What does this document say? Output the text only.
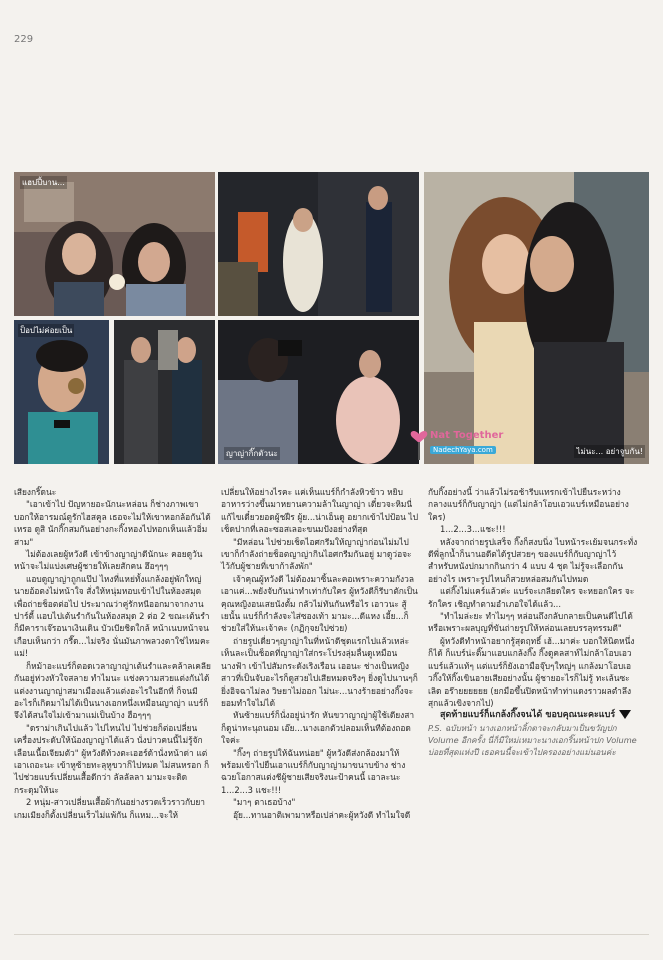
229
แฮปปี้บาน...
ไม่นะ... อย่าจูบกัน!
ป็อปไม่ค่อยเป็น
ญาญ่ากิ๊กตัวนะ
Nat Together
NadechYaya.com

เสียงกริ๊ดนะ

"เอาเข้าไป ปัญหายอะนักนะหล่อน ก็ช่างภาพเขาบอกให้อารมณ์ตูรักไฮสคูล เธอจะไม่ให้เขาหอกล้อกันได้เหรอ ดูสิ นักกิ๊กสมกันอย่างกะกิ๊งหองไปหอกเห็นแล้วอิ่มสาม"

ไม่ต้องเลยผู้หวังดี เข้าข้างญาญ่าดีนักนะ คอยดูวันหน้าจะไม่แบ่งเศษผู้ชายให้เลยสักคน ฮึอๆๆๆ

แอบดูญาญ่าถูกแป๊ป ไหงที่แหย่ทั้งแกล้งอยู่พักใหญ่นายอ้อตงไม่หน้าใจ สั่งให้หนุ่มหอบเข้าไปในห้องสมุดเพื่อถ่ายช็อตต่อไป ประมาณว่าคู่รักหนีออกมาจากงานปาร์ตี้ แอบไปเต้นรำกันในห้องสมุด 2 ต่อ 2 ขณะเต้นรำก็มีคาราเจ๊รอนาเงินเดิน บัวเบียชิดใกล้ หน้าเนบหน้าจนเกือบเห็นกว่า กรี๊ด...ไม่จริง นั่นมันภาพลวงตาใช่ไหมคะแม่!

ก็หม้าอะแบร์ก็ตอดเวลาญาญ่าเต้นรำและคล้าลเคลียกันอยู่ห่วงหัวใจสลาย ทำไมนะ แช่งความสวยแต่งกันได้แต่งงานญาญ่าสมาเมืองแล้วแต่งอะไรในอีกที่ ก็จนมีอะไรก็เกิดมาไม่ได้เป็นนางเอกหนึ่งเหมือนญาญ่า แบร์ก็จึงได้สนใจไม่เข้ามาแม่เป็นบ้าง ฮือๆๆๆ

"ดราม่าเกินไปแล้ว ไปไหนไป ไปช่วยก็ต่อเปลี่ยนเครื่องประดับให้น้องญาญ่าได้แล้ว นั่งบ่าวคนนี้ไม่รู้จักเลือนเนื้อเจียมตัว" ผู้หวังดีท้วงตะเอฮร์ด้านั่งหน้าด่า แต่เอาเถอะนะ เข้าหูซ้ายทะลุหูขวาก็ไปหมด ไม่สนหรอก ก็ไปช่วยแบร์เปลี่ยนเสื้อดีกว่า ลัลลัลลา มามะจะติดกระดุมให้นะ

2 หนุ่ม-สาวเปลี่ยนเสื้อผ้ากันอย่างรวดเร็วราวกับยาเกมเมียงก็ตั้งเปลี่ยนเร็วไม่แพ้กัน ก็แหม...จะให้

เปลี่ยนให้อย่างไรคะ แค่เห็นแบร์ก็กำลังหิวข้าว หยิบอาหารว่างขึ้นมาหยานความล้าในญาญ่า เดี๋ยวจะหิมนี่แก้ไขเดี๋ยวยอดผู้ชฝืร ผู้ย...น่าเอ็นดู อยากเข้าไปป้อน ไปเช็ดปากที่เลอะซอสเลอะขนมปังอย่างที่สุด

"มีหล่อน ไปช่วยเช็ดไอศกรีมให้ญาญ่าก่อนไม่มไปเขาก็กำลังถ่ายช็อตญาญ่ากินไอศกรีมกันอยู่ มาดูว่อจะไว้กับผู้ชายที่เขาก้าลังพัก"

เจ้าคุณผู้หวังดี ไม่ต้องมาซิ้นละคอเพราะความกังวลเอาแค่...พยังจับกันน่าทำเท่ากับใคร ผู้หวังดีก็รีบาตักเป็นคุณหญิงอนเสยนังตั้ม กลัวไม่ทันกันหรือไร เอาวนะ สู้เยนั้น แบร์ก็กำลังจะไส่ซองเท้า มามะ...ดีแหง เอี้ย...ก็ช่วยใส่ให้นะเจ้าคะ (กฏิกุจยใปซ่วย)

ถ่ายรูปเดี่ยวๆญาญ่าในที่หน้าดีชุดแรกไปแล้วเหล่ะ เห็นละเป็นช็อตที่ญาญ่าใส่กระโปรงลุ่มลื่นดูเหมือนนางฟ้า เข้าไปสัมกระดังเริงเรือน เออนะ ช่างเป็นหญิงสาวที่เป็นจับอะไรก็ดูสวยไปเสียหมดจริงๆ ยิ่งดูไปนานๆก็ยิ่งอิจฉาไม่ลง วิษยาไม่ออก ไม่นะ...นางร้ายอย่างกิ๊งจะยอมทำใจไม่ได้

หันซ้ายแบร์ก็นั่งอยู่น่ารัก หันขวาญาญ่าผู้ใช้เดียงสาก็ดูน่าทะนุถนอม เอ๊ย...นางเอกตัวปลอมเห็นทีต้องถอดใจค่ะ

"กิ๊งๆ ถ่ายรูปให้ฉันหน่อย" ผู้หวังดีส่งกล้องมาให้พร้อมเข้าไปยืนเอาแบร์ก็กับญาญ่ามาขนาบข้าง ช่างฉวยโอกาสแต่งชีผู้ชายเสียจริงนะป้าคนนี้ เอาละนะ 1...2...3 แชะ!!!

"มาๆ ตาเธอบ้าง"

อุ๊ย...ทานอาติเพามาหรือเปล่าคะผู้หวังดี ทำไมใจดี

กับกิ๊งอย่างนี้ ว่าแล้วไม่รอช้ารีบแทรกเข้าไปยืนระหว่างกลางแบร์ก็กับญาญ่า (แต่ไม่กล้าโอบเอวแบร์เหมือนอย่างใคร)

1...2...3...แชะ!!!

หลังจากถ่ายรูปเสร็จ กิ๊งก็สงบนิ่ง ไบหน้าระเย้มจนกระทั่งดีพี่ลูกน้ำก็นานอดีตได้รูปสวยๆ ของแบร์ก็กับญาญ่าไว้สำหรับหนังปกมากกินกว่า 4 แบบ 4 ชุด ไม่รู้จะเลือกกันอย่างไร เพราะรูปไหนก็สวยหล่อสมกันไปหมด

แต่กิ๊งไม่แคร์แล้วค่ะ แบร์จะเกลียดใคร จะหยอกใคร จะรักใคร เชิญทำตามอำเภอใจได้แล้ว...

"ทำไมล่ะยะ ทำไมๆๆ หล่อนถึงกลับกลายเป็นคนดีไปได้ หรือเพราะผลบุญที่ขันถ่ายรูปให้หล่อนเลยบรรลุทรรมดี"

ผู้หวังดีทำหน้าอยากรู้สุดฤทธิ์ เฮ้...มาค่ะ บอกให้นิดหนึ่งก็ได้ ก็แบร์น่ะติ๊มาแอบแกล้งกิ๊ง กิ๊งดูคลสาท์ไม่กล้าโอบเอวแบร์แล้วแท้ๆ แต่แบร์ก็ยังเอามือจุ๊บๆใหญ่ๆ แกล้งมาโอบเอวกิ๊งให้กิ๊งเขินอายเสียอย่างนั้น ผู้ชายอะไรก็ไม่รู้ ทะเล้นซะเลิด อร๊ายยยยยย (ยกมือขึ้นปิดหน้าทำท่าแดงราวผลตำลึงสุกแล้วเขิงจากไป)

สุดท้ายแบร์ก็แกล้งกิ๊งจนได้ ขอบคุณนะคะแบร์

P.S. ฉบับหน้า นางเอกหน้าลิ้กตาจะกลับมาเป็นขวัญปก Volume อีกครั้ง นี่ก็มีใหม่เหมาะนางเอกริ๊นหน้าปก Volume บ่อยที่สุดแห่งปี เธอคนนี้จะเข้าไปครองอย่างแม่นอนค่ะ
